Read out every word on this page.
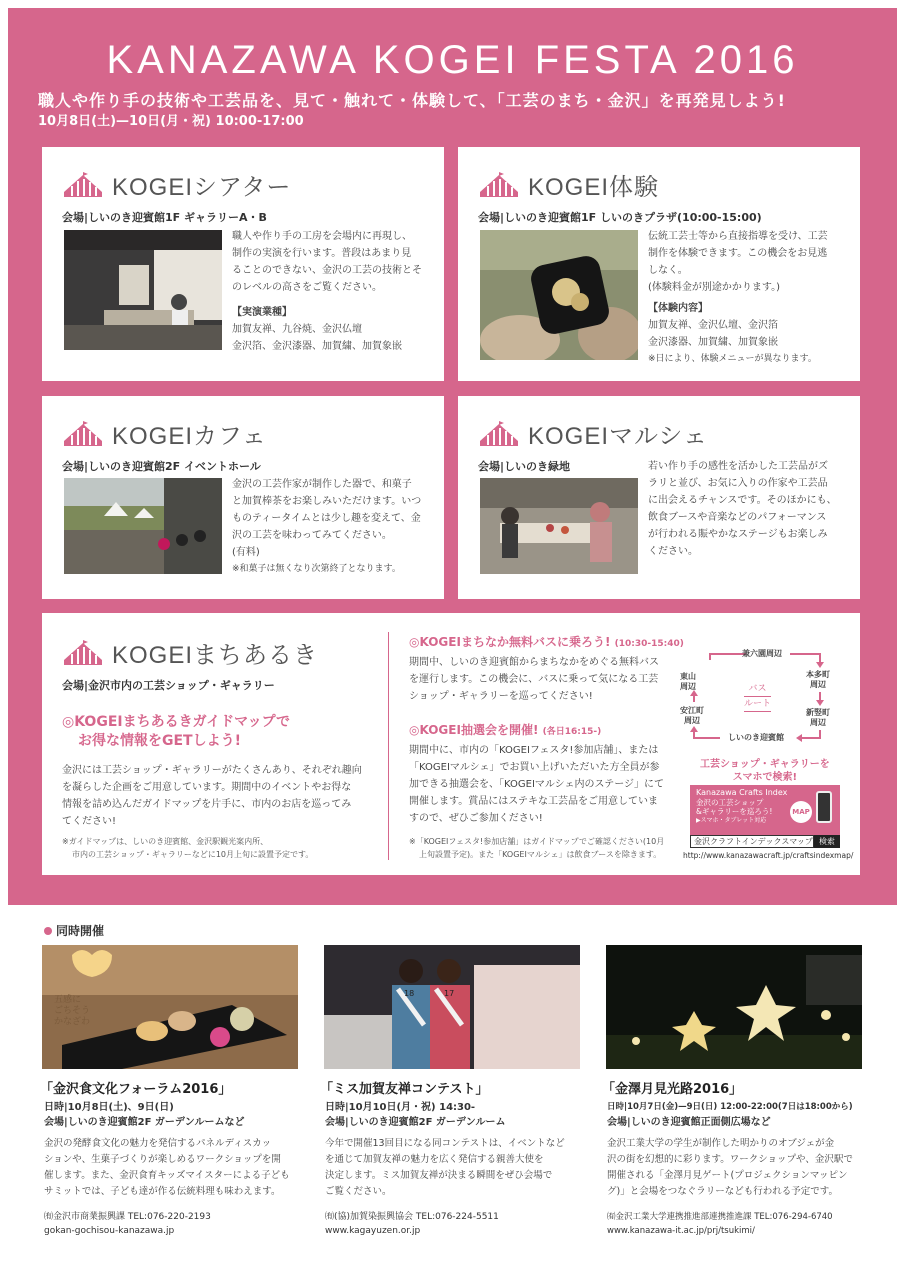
KANAZAWA KOGEI FESTA 2016
職人や作り手の技術や工芸品を、見て・触れて・体験して、「工芸のまち・金沢」を再発見しよう!
10月8日(土)—10日(月・祝) 10:00-17:00
KOGEIシアター
会場|しいのき迎賓館1F ギャラリーA・B

職人や作り手の工房を会場内に再現し、

制作の実演を行います。普段はあまり見

ることのできない、金沢の工芸の技術とそ

のレベルの高さをご覧ください。

【実演業種】

加賀友禅、九谷焼、金沢仏壇

金沢箔、金沢漆器、加賀繍、加賀象嵌

KOGEI体験
会場|しいのき迎賓館1F しいのきプラザ(10:00-15:00)

伝統工芸士等から直接指導を受け、工芸

制作を体験できます。この機会をお見逃

しなく。

(体験料金が別途かかります。)

【体験内容】

加賀友禅、金沢仏壇、金沢箔

金沢漆器、加賀繍、加賀象嵌

※日により、体験メニューが異なります。

KOGEIカフェ
会場|しいのき迎賓館2F イベントホール

金沢の工芸作家が制作した器で、和菓子

と加賀棒茶をお楽しみいただけます。いつ

ものティータイムとは少し趣を変えて、金

沢の工芸を味わってみてください。

(有料)

※和菓子は無くなり次第終了となります。

KOGEIマルシェ
会場|しいのき緑地	若い作り手の感性を活かした工芸品がズ

ラリと並び、お気に入りの作家や工芸品

に出会えるチャンスです。そのほかにも、

飲食ブースや音楽などのパフォーマンス

が行われる賑やかなステージもお楽しみ

ください。

KOGEIまちあるき
会場|金沢市内の工芸ショップ・ギャラリー

◎KOGEIまちあるきガイドマップで

お得な情報をGETしよう!

金沢には工芸ショップ・ギャラリーがたくさんあり、それぞれ趣向

を凝らした企画をご用意しています。期間中のイベントやお得な

情報を詰め込んだガイドマップを片手に、市内のお店を巡ってみ

てください!

※ガイドマップは、しいのき迎賓館、金沢駅観光案内所、

市内の工芸ショップ・ギャラリーなどに10月上旬に設置予定です。

◎KOGEIまちなか無料バスに乗ろう! (10:30-15:40)

期間中、しいのき迎賓館からまちなかをめぐる無料バス

を運行します。この機会に、バスに乗って気になる工芸

ショップ・ギャラリーを巡ってください!

◎KOGEI抽選会を開催! (各日16:15-)

期間中に、市内の「KOGEIフェスタ!参加店舗」、または

「KOGEIマルシェ」でお買い上げいただいた方全員が参

加できる抽選会を、「KOGEIマルシェ内のステージ」にて

開催します。賞品にはステキな工芸品をご用意していま

すので、ぜひご参加ください!

※「KOGEIフェスタ!参加店舗」はガイドマップでご確認ください(10月

上旬設置予定)。また「KOGEIマルシェ」は飲食ブースを除きます。

兼六園周辺

東山

周辺

本多町

周辺

安江町

周辺

新竪町

周辺

しいのき迎賓館
バス
ルート

工芸ショップ・ギャラリーを

スマホで検索!

Kanazawa Crafts Index

金沢の工芸ショップ

&ギャラリーを巡ろう!

▶スマホ・タブレット対応

MAP
金沢クラフトインデックスマップ 検索
http://www.kanazawacraft.jp/craftsindexmap/
同時開催

五感に

ごちそう

かなざわ

18	17
「金沢食文化フォーラム2016」

日時|10月8日(土)、9日(日)

会場|しいのき迎賓館2F ガーデンルームなど

金沢の発酵食文化の魅力を発信するパネルディスカッ

ションや、生菓子づくりが楽しめるワークショップを開

催します。また、金沢食育キッズマイスターによる子ども

サミットでは、子ども達が作る伝統料理も味わえます。

㈲金沢市商業振興課 TEL:076-220-2193

gokan-gochisou-kanazawa.jp

「ミス加賀友禅コンテスト」

日時|10月10日(月・祝) 14:30-

会場|しいのき迎賓館2F ガーデンルーム

今年で開催13回目になる同コンテストは、イベントなど

を通じて加賀友禅の魅力を広く発信する親善大使を

決定します。ミス加賀友禅が決まる瞬間をぜひ会場で

ご覧ください。

㈲(協)加賀染振興協会 TEL:076-224-5511

www.kagayuzen.or.jp

「金澤月見光路2016」

日時|10月7日(金)—9日(日) 12:00-22:00(7日は18:00から)

会場|しいのき迎賓館正面側広場など

金沢工業大学の学生が制作した明かりのオブジェが金

沢の街を幻想的に彩ります。ワークショップや、金沢駅で

開催される「金澤月見ゲート(プロジェクションマッピン

グ)」と会場をつなぐラリーなども行われる予定です。

㈲金沢工業大学連携推進部連携推進課 TEL:076-294-6740

www.kanazawa-it.ac.jp/prj/tsukimi/
